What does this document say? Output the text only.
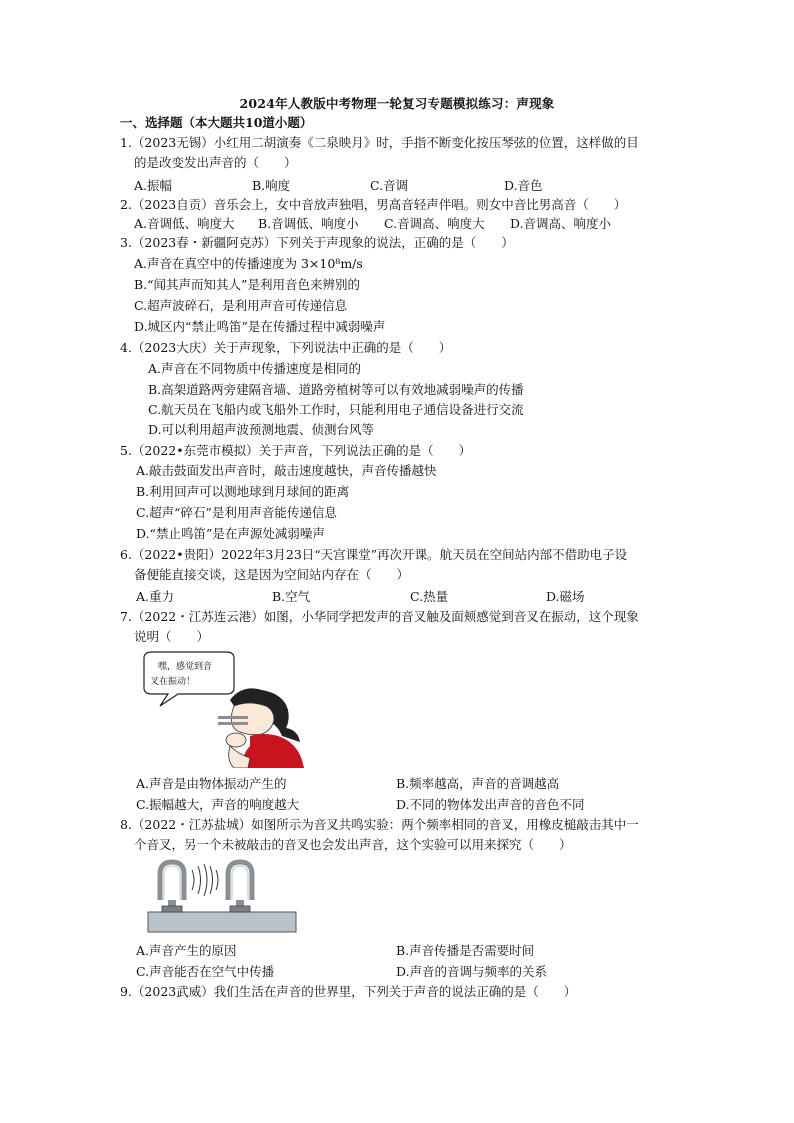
2024年人教版中考物理一轮复习专题模拟练习：声现象
一、选择题（本大题共10道小题）
1.（2023无锡）小红用二胡演奏《二泉映月》时，手指不断变化按压琴弦的位置，这样做的目
的是改变发出声音的（　　）
A.振幅	B.响度	C.音调	D.音色
2.（2023自贡）音乐会上，女中音放声独唱，男高音轻声伴唱。则女中音比男高音（　　）
A.音调低、响度大 B.音调低、响度小 C.音调高、响度大 D.音调高、响度小
3.（2023春・新疆阿克苏）下列关于声现象的说法，正确的是（　　）
A.声音在真空中的传播速度为 3×10⁸m/s
B.“闻其声而知其人”是利用音色来辨别的
C.超声波碎石，是利用声音可传递信息
D.城区内“禁止鸣笛”是在传播过程中减弱噪声
4.（2023大庆）关于声现象，下列说法中正确的是（　　）
A.声音在不同物质中传播速度是相同的
B.高架道路两旁建隔音墙、道路旁植树等可以有效地减弱噪声的传播
C.航天员在飞船内或飞船外工作时，只能利用电子通信设备进行交流
D.可以利用超声波预测地震、侦测台风等
5.（2022•东莞市模拟）关于声音，下列说法正确的是（　　）
A.敲击鼓面发出声音时，敲击速度越快，声音传播越快
B.利用回声可以测地球到月球间的距离
C.超声“碎石”是利用声音能传递信息
D.“禁止鸣笛”是在声源处减弱噪声
6.（2022•贵阳）2022年3月23日“天宫课堂”再次开课。航天员在空间站内部不借助电子设
备便能直接交谈，这是因为空间站内存在（　　）
A.重力	B.空气	C.热量	D.磁场
7.（2022・江苏连云港）如图，小华同学把发声的音叉触及面颊感觉到音叉在振动，这个现象
说明（　　）
嘿，感觉到音
叉在振动！
A.声音是由物体振动产生的	B.频率越高，声音的音调越高
C.振幅越大，声音的响度越大	D.不同的物体发出声音的音色不同
8.（2022・江苏盐城）如图所示为音叉共鸣实验：两个频率相同的音叉，用橡皮槌敲击其中一
个音叉，另一个未被敲击的音叉也会发出声音，这个实验可以用来探究（　　）
A.声音产生的原因	B.声音传播是否需要时间
C.声音能否在空气中传播	D.声音的音调与频率的关系
9.（2023武威）我们生活在声音的世界里，下列关于声音的说法正确的是（　　）
